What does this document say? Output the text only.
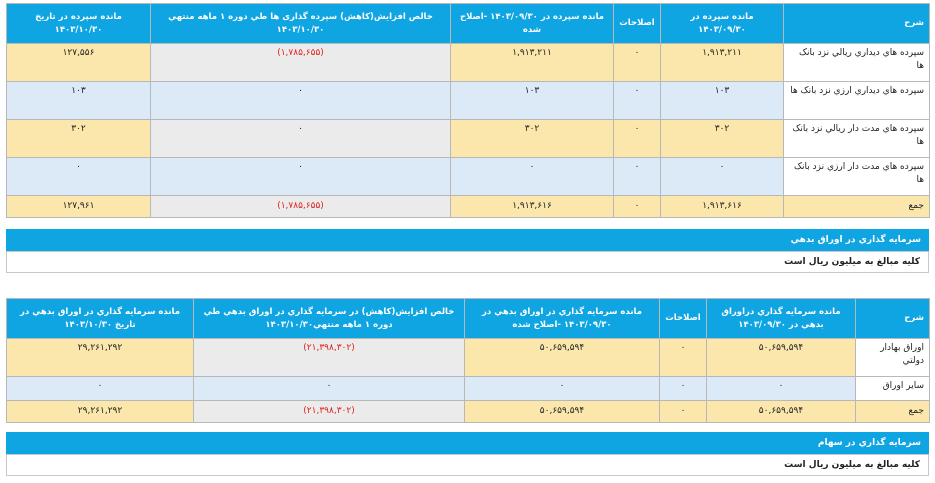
شرح	مانده سپرده در ۱۴۰۳/۰۹/۳۰	اصلاحات	مانده سپرده در ۱۴۰۳/۰۹/۳۰ -اصلاح شده	خالص افزایش(کاهش) سپرده گذاری ها طي دوره ۱ ماهه منتهي ۱۴۰۳/۱۰/۳۰	مانده سپرده در تاريخ ۱۴۰۳/۱۰/۳۰
سپرده هاي ديداري ريالي نزد بانک ها	۱,۹۱۳,۲۱۱	۰	۱,۹۱۳,۲۱۱	(۱,۷۸۵,۶۵۵)	۱۲۷,۵۵۶
سپرده هاي ديداري ارزي نزد بانک ها	۱۰۳	۰	۱۰۳	۰	۱۰۳
سپرده هاي مدت دار ريالي نزد بانک ها	۳۰۲	۰	۳۰۲	۰	۳۰۲
سپرده هاي مدت دار ارزي نزد بانک ها	۰	۰	۰	۰	۰
جمع	۱,۹۱۳,۶۱۶	۰	۱,۹۱۳,۶۱۶	(۱,۷۸۵,۶۵۵)	۱۲۷,۹۶۱
سرمايه گذاري در اوراق بدهي
کليه مبالغ به ميليون ريال است
شرح	مانده سرمايه گذاري دراوراق بدهي در ۱۴۰۳/۰۹/۳۰	اصلاحات	مانده سرمايه گذاري در اوراق بدهي در ۱۴۰۳/۰۹/۳۰ -اصلاح شده	خالص افزايش(کاهش) در سرمايه گذاري در اوراق بدهي طي دوره ۱ ماهه منتهي۱۴۰۳/۱۰/۳۰	مانده سرمايه گذاري در اوراق بدهي در تاريخ ۱۴۰۳/۱۰/۳۰
اوراق بهادار دولتي	۵۰,۶۵۹,۵۹۴	۰	۵۰,۶۵۹,۵۹۴	(۲۱,۳۹۸,۳۰۲)	۲۹,۲۶۱,۲۹۲
ساير اوراق	۰	۰	۰	۰	۰
جمع	۵۰,۶۵۹,۵۹۴	۰	۵۰,۶۵۹,۵۹۴	(۲۱,۳۹۸,۳۰۲)	۲۹,۲۶۱,۲۹۲
سرمايه گذاري در سهام
کليه مبالغ به ميليون ريال است
